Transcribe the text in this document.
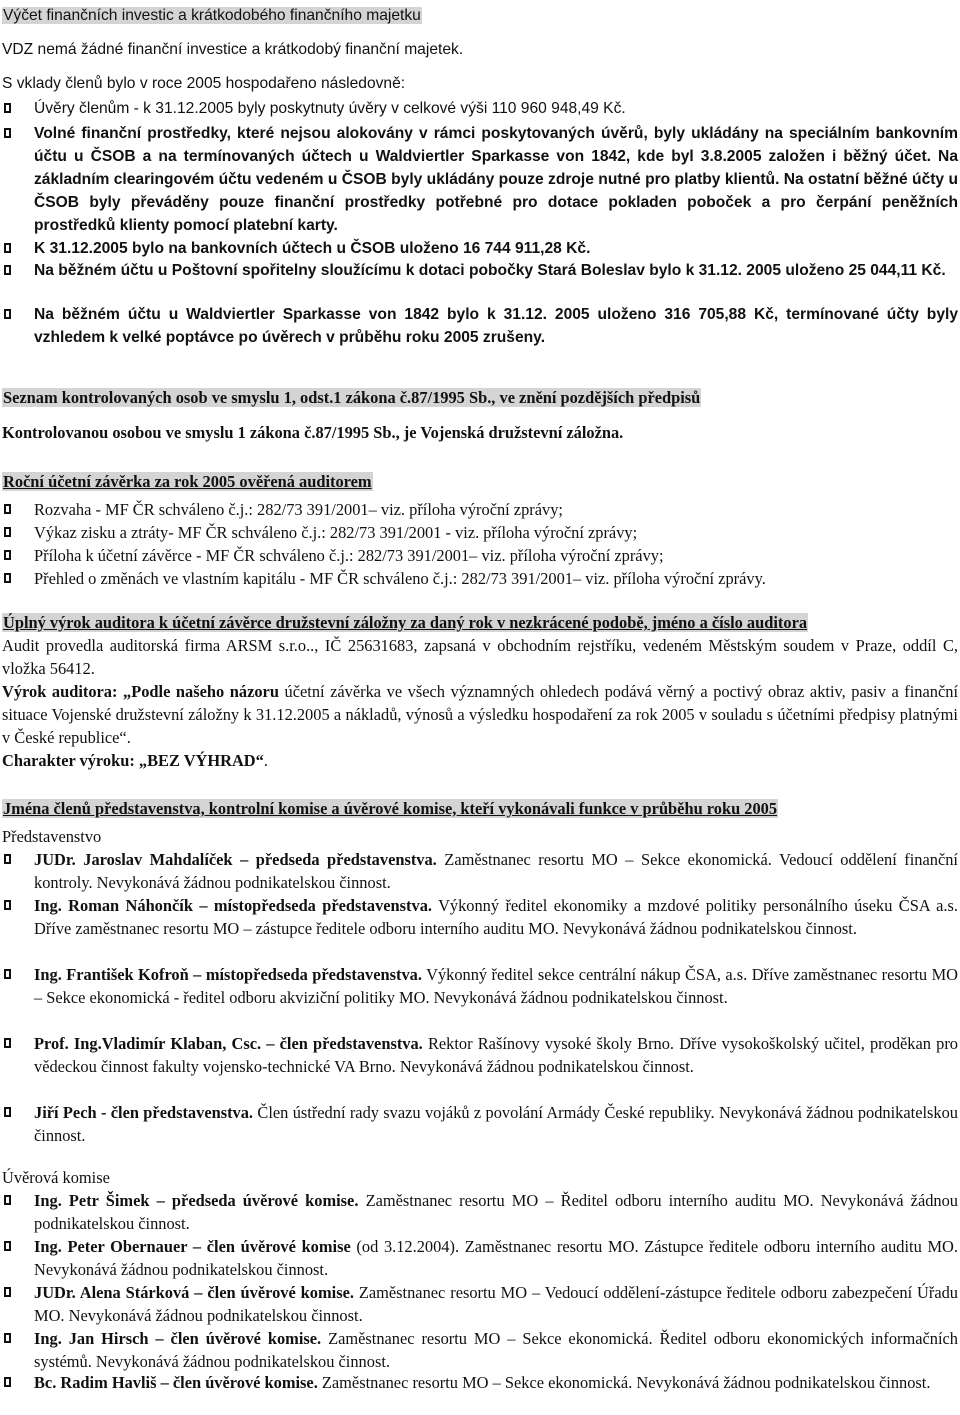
Výčet finančních investic a krátkodobého finančního majetku
VDZ nemá žádné finanční investice a krátkodobý finanční majetek.
S vklady členů bylo v roce 2005 hospodařeno následovně:
Úvěry členům - k 31.12.2005 byly poskytnuty úvěry v celkové výši 110 960 948,49 Kč.
Volné finanční prostředky, které nejsou alokovány v rámci poskytovaných úvěrů, byly ukládány na speciálním bankovním účtu u ČSOB a na termínovaných účtech u Waldviertler Sparkasse von 1842, kde byl 3.8.2005 založen i běžný účet. Na základním clearingovém účtu vedeném u ČSOB byly ukládány pouze zdroje nutné pro platby klientů. Na ostatní běžné účty u ČSOB byly převáděny pouze finanční prostředky potřebné pro dotace pokladen poboček a pro čerpání peněžních prostředků klienty pomocí platební karty.
K 31.12.2005 bylo na bankovních účtech u ČSOB uloženo 16 744 911,28 Kč.
Na běžném účtu u Poštovní spořitelny sloužícímu k dotaci pobočky Stará Boleslav bylo k 31.12. 2005 uloženo 25 044,11 Kč.
Na běžném účtu u Waldviertler Sparkasse von 1842 bylo k 31.12. 2005 uloženo 316 705,88 Kč, termínované účty byly vzhledem k velké poptávce po úvěrech v průběhu roku 2005 zrušeny.
Seznam kontrolovaných osob ve smyslu 1, odst.1 zákona č.87/1995 Sb., ve znění pozdějších předpisů
Kontrolovanou osobou ve smyslu 1 zákona č.87/1995 Sb., je Vojenská družstevní záložna.
Roční účetní závěrka za rok 2005 ověřená auditorem
Rozvaha - MF ČR schváleno č.j.: 282/73 391/2001– viz. příloha výroční zprávy;
Výkaz zisku a ztráty- MF ČR schváleno č.j.: 282/73 391/2001 - viz. příloha výroční zprávy;
Příloha k účetní závěrce - MF ČR schváleno č.j.: 282/73 391/2001– viz. příloha výroční zprávy;
Přehled o změnách ve vlastním kapitálu - MF ČR schváleno č.j.: 282/73 391/2001– viz. příloha výroční zprávy.
Úplný výrok auditora k účetní závěrce družstevní záložny za daný rok v nezkrácené podobě, jméno a číslo auditora
Audit provedla auditorská firma ARSM s.r.o.., IČ 25631683, zapsaná v obchodním rejstříku, vedeném Městským soudem v Praze, oddíl C, vložka 56412.
Výrok auditora: „Podle našeho názoru účetní závěrka ve všech významných ohledech podává věrný a poctivý obraz aktiv, pasiv a finanční situace Vojenské družstevní záložny k 31.12.2005 a nákladů, výnosů a výsledku hospodaření za rok 2005 v souladu s účetními předpisy platnými v České republice“.
Charakter výroku: „BEZ VÝHRAD“.
Jména členů představenstva, kontrolní komise a úvěrové komise, kteří vykonávali funkce v průběhu roku 2005
Představenstvo
JUDr. Jaroslav Mahdalíček – předseda představenstva. Zaměstnanec resortu MO – Sekce ekonomická. Vedoucí oddělení finanční kontroly. Nevykonává žádnou podnikatelskou činnost.
Ing. Roman Náhončík – místopředseda představenstva. Výkonný ředitel ekonomiky a mzdové politiky personálního úseku ČSA a.s. Dříve zaměstnanec resortu MO – zástupce ředitele odboru interního auditu MO. Nevykonává žádnou podnikatelskou činnost.
Ing. František Kofroň – místopředseda představenstva. Výkonný ředitel sekce centrální nákup ČSA, a.s. Dříve zaměstnanec resortu MO – Sekce ekonomická - ředitel odboru akviziční politiky MO. Nevykonává žádnou podnikatelskou činnost.
Prof. Ing.Vladimír Klaban, Csc. – člen představenstva. Rektor Rašínovy vysoké školy Brno. Dříve vysokoškolský učitel, proděkan pro vědeckou činnost fakulty vojensko-technické VA Brno. Nevykonává žádnou podnikatelskou činnost.
Jiří Pech - člen představenstva. Člen ústřední rady svazu vojáků z povolání Armády České republiky. Nevykonává žádnou podnikatelskou činnost.
Úvěrová komise
Ing. Petr Šimek – předseda úvěrové komise. Zaměstnanec resortu MO – Ředitel odboru interního auditu MO. Nevykonává žádnou podnikatelskou činnost.
Ing. Peter Obernauer – člen úvěrové komise (od 3.12.2004). Zaměstnanec resortu MO. Zástupce ředitele odboru interního auditu MO. Nevykonává žádnou podnikatelskou činnost.
JUDr. Alena Stárková – člen úvěrové komise. Zaměstnanec resortu MO – Vedoucí oddělení-zástupce ředitele odboru zabezpečení Úřadu MO. Nevykonává žádnou podnikatelskou činnost.
Ing. Jan Hirsch – člen úvěrové komise. Zaměstnanec resortu MO – Sekce ekonomická. Ředitel odboru ekonomických informačních systémů. Nevykonává žádnou podnikatelskou činnost.
Bc. Radim Havliš – člen úvěrové komise. Zaměstnanec resortu MO – Sekce ekonomická. Nevykonává žádnou podnikatelskou činnost.
